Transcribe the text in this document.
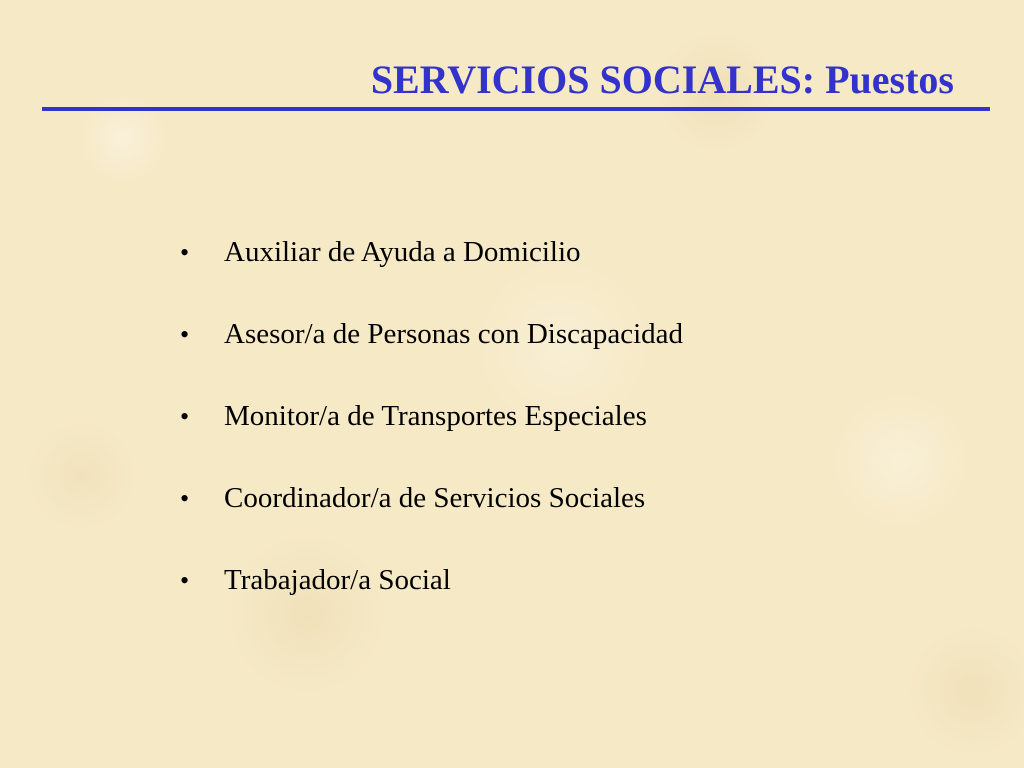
SERVICIOS SOCIALES: Puestos
•	Auxiliar de Ayuda a Domicilio
•	Asesor/a de Personas con Discapacidad
•	Monitor/a de Transportes Especiales
•	Coordinador/a de Servicios Sociales
•	Trabajador/a Social
